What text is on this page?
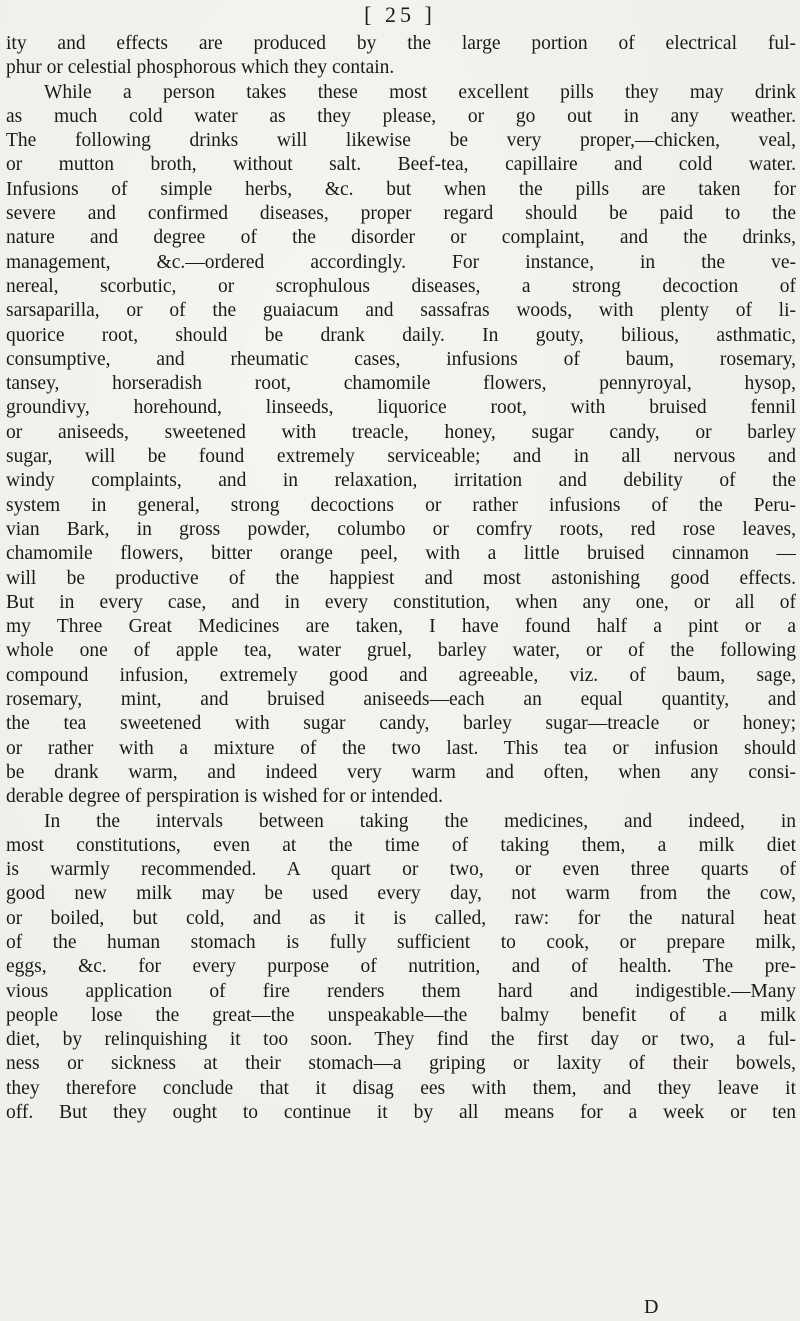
[ 25 ]
ity and effects are produced by the large portion of electrical ful-
phur or celestial phosphorous which they contain.
While a person takes these most excellent pills they may drink
as much cold water as they please, or go out in any weather.
The following drinks will likewise be very proper,—chicken, veal,
or mutton broth, without salt. Beef-tea, capillaire and cold water.
Infusions of simple herbs, &c. but when the pills are taken for
severe and confirmed diseases, proper regard should be paid to the
nature and degree of the disorder or complaint, and the drinks,
management, &c.—ordered accordingly. For instance, in the ve-
nereal, scorbutic, or scrophulous diseases, a strong decoction of
sarsaparilla, or of the guaiacum and sassafras woods, with plenty of li-
quorice root, should be drank daily. In gouty, bilious, asthmatic,
consumptive, and rheumatic cases, infusions of baum, rosemary,
tansey, horseradish root, chamomile flowers, pennyroyal, hysop,
groundivy, horehound, linseeds, liquorice root, with bruised fennil
or aniseeds, sweetened with treacle, honey, sugar candy, or barley
sugar, will be found extremely serviceable; and in all nervous and
windy complaints, and in relaxation, irritation and debility of the
system in general, strong decoctions or rather infusions of the Peru-
vian Bark, in gross powder, columbo or comfry roots, red rose leaves,
chamomile flowers, bitter orange peel, with a little bruised cinnamon —
will be productive of the happiest and most astonishing good effects.
But in every case, and in every constitution, when any one, or all of
my Three Great Medicines are taken, I have found half a pint or a
whole one of apple tea, water gruel, barley water, or of the following
compound infusion, extremely good and agreeable, viz. of baum, sage,
rosemary, mint, and bruised aniseeds—each an equal quantity, and
the tea sweetened with sugar candy, barley sugar—treacle or honey;
or rather with a mixture of the two last. This tea or infusion should
be drank warm, and indeed very warm and often, when any consi-
derable degree of perspiration is wished for or intended.
In the intervals between taking the medicines, and indeed, in
most constitutions, even at the time of taking them, a milk diet
is warmly recommended. A quart or two, or even three quarts of
good new milk may be used every day, not warm from the cow,
or boiled, but cold, and as it is called, raw: for the natural heat
of the human stomach is fully sufficient to cook, or prepare milk,
eggs, &c. for every purpose of nutrition, and of health. The pre-
vious application of fire renders them hard and indigestible.—Many
people lose the great—the unspeakable—the balmy benefit of a milk
diet, by relinquishing it too soon. They find the first day or two, a ful-
ness or sickness at their stomach—a griping or laxity of their bowels,
they therefore conclude that it disag ees with them, and they leave it
off. But they ought to continue it by all means for a week or ten
D
